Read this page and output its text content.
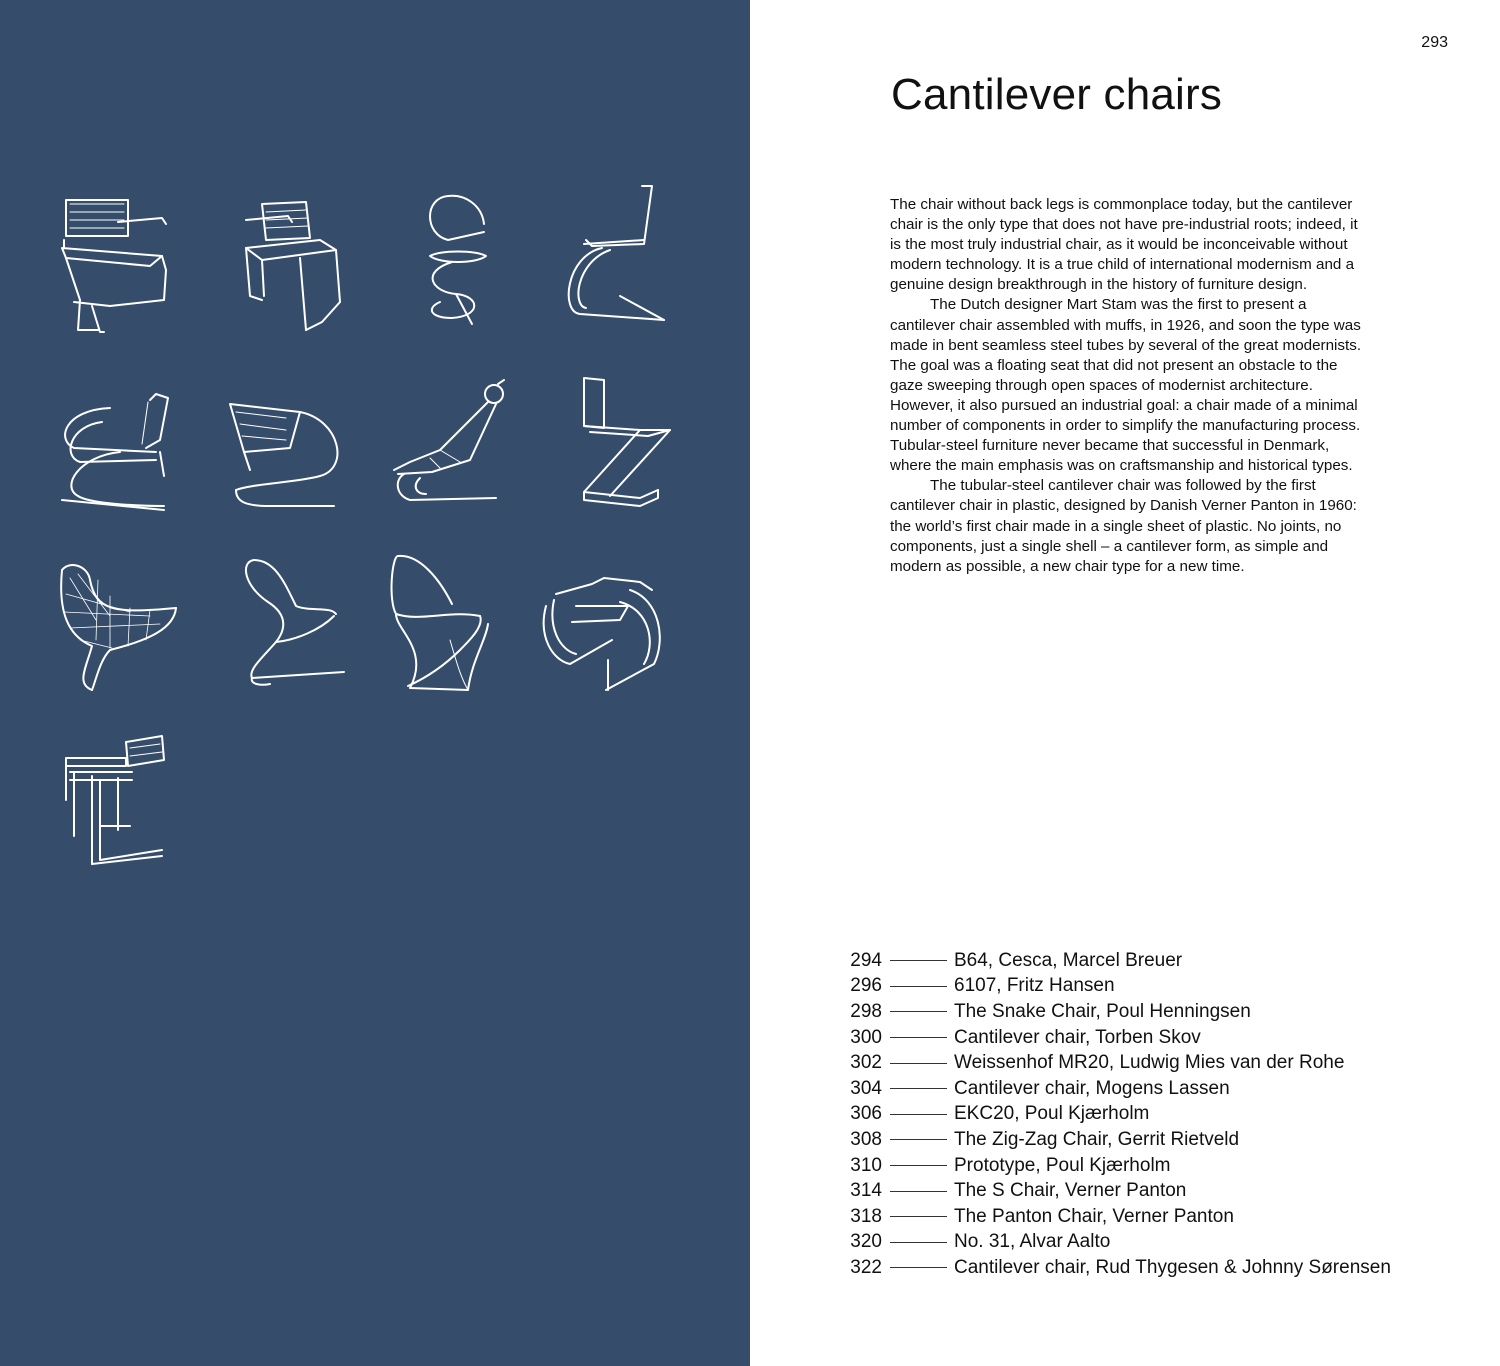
293
Cantilever chairs

The chair without back legs is commonplace today, but the cantilever chair is the only type that does not have pre-industrial roots; indeed, it is the most truly industrial chair, as it would be inconceivable without modern technology. It is a true child of international modernism and a genuine design breakthrough in the history of furniture design.

The Dutch designer Mart Stam was the first to present a cantilever chair assembled with muffs, in 1926, and soon the type was made in bent seamless steel tubes by several of the great modernists. The goal was a floating seat that did not present an obstacle to the gaze sweeping through open spaces of modernist architecture. However, it also pursued an industrial goal: a chair made of a minimal number of components in order to simplify the manufacturing process. Tubular-steel furniture never became that successful in Denmark, where the main emphasis was on craftsmanship and historical types.

The tubular-steel cantilever chair was followed by the first cantilever chair in plastic, designed by Danish Verner Panton in 1960: the world’s first chair made in a single sheet of plastic. No joints, no components, just a single shell – a cantilever form, as simple and modern as possible, a new chair type for a new time.

294	B64, Cesca, Marcel Breuer
296	6107, Fritz Hansen
298	The Snake Chair, Poul Henningsen
300	Cantilever chair, Torben Skov
302	Weissenhof MR20, Ludwig Mies van der Rohe
304	Cantilever chair, Mogens Lassen
306	EKC20, Poul Kjærholm
308	The Zig-Zag Chair, Gerrit Rietveld
310	Prototype, Poul Kjærholm
314	The S Chair, Verner Panton
318	The Panton Chair, Verner Panton
320	No. 31, Alvar Aalto
322	Cantilever chair, Rud Thygesen & Johnny Sørensen
